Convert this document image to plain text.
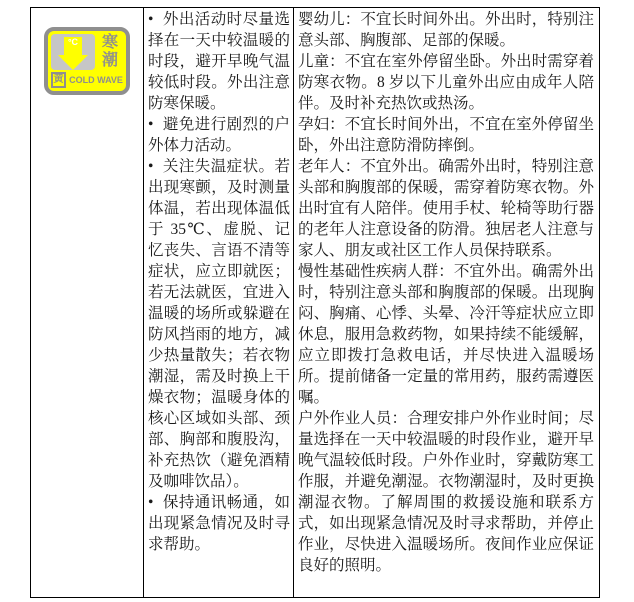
°C	寒
潮
黄 COLD WAVE

• 外出活动时尽量选择在一天中较温暖的时段，避开早晚气温较低时段。外出注意防寒保暖。

• 避免进行剧烈的户外体力活动。

• 关注失温症状。若出现寒颤，及时测量体温，若出现体温低于 35℃、虚脱、记忆丧失、言语不清等症状，应立即就医；若无法就医，宜进入温暖的场所或躲避在防风挡雨的地方，减少热量散失；若衣物潮湿，需及时换上干燥衣物；温暖身体的核心区域如头部、颈部、胸部和腹股沟，补充热饮（避免酒精及咖啡饮品）。

• 保持通讯畅通，如出现紧急情况及时寻求帮助。

婴幼儿：不宜长时间外出。外出时，特别注意头部、胸腹部、足部的保暖。

儿童：不宜在室外停留坐卧。外出时需穿着防寒衣物。8 岁以下儿童外出应由成年人陪伴。及时补充热饮或热汤。

孕妇：不宜长时间外出，不宜在室外停留坐卧，外出注意防滑防摔倒。

老年人：不宜外出。确需外出时，特别注意头部和胸腹部的保暖，需穿着防寒衣物。外出时宜有人陪伴。使用手杖、轮椅等助行器的老年人注意设备的防滑。独居老人注意与家人、朋友或社区工作人员保持联系。

慢性基础性疾病人群：不宜外出。确需外出时，特别注意头部和胸腹部的保暖。出现胸闷、胸痛、心悸、头晕、冷汗等症状应立即休息，服用急救药物，如果持续不能缓解，应立即拨打急救电话，并尽快进入温暖场所。提前储备一定量的常用药，服药需遵医嘱。

户外作业人员：合理安排户外作业时间；尽量选择在一天中较温暖的时段作业，避开早晚气温较低时段。户外作业时，穿戴防寒工作服，并避免潮湿。衣物潮湿时，及时更换潮湿衣物。了解周围的救援设施和联系方式，如出现紧急情况及时寻求帮助，并停止作业，尽快进入温暖场所。夜间作业应保证良好的照明。
